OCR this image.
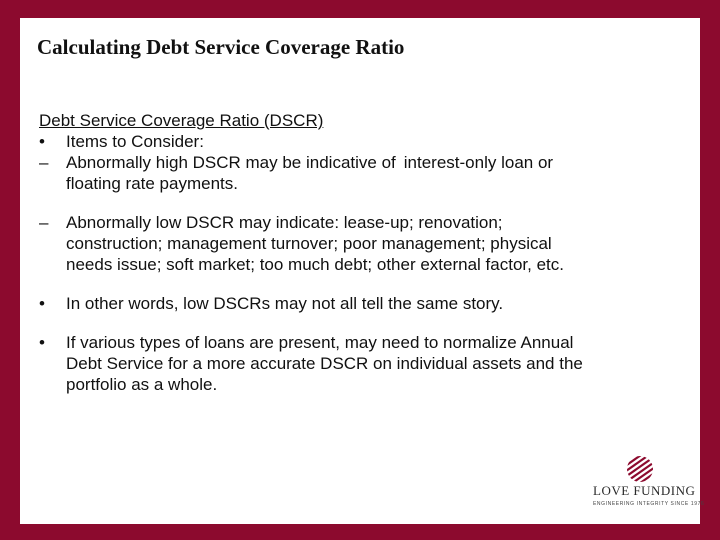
Calculating Debt Service Coverage Ratio
Debt Service Coverage Ratio (DSCR)
• Items to Consider:
– Abnormally high DSCR may be indicative of interest-only loan or
floating rate payments.
– Abnormally low DSCR may indicate: lease-up; renovation;
construction; management turnover; poor management; physical
needs issue; soft market; too much debt; other external factor, etc.
• In other words, low DSCRs may not all tell the same story.
• If various types of loans are present, may need to normalize Annual
Debt Service for a more accurate DSCR on individual assets and the
portfolio as a whole.
LOVE FUNDING
ENGINEERING INTEGRITY SINCE 1976
